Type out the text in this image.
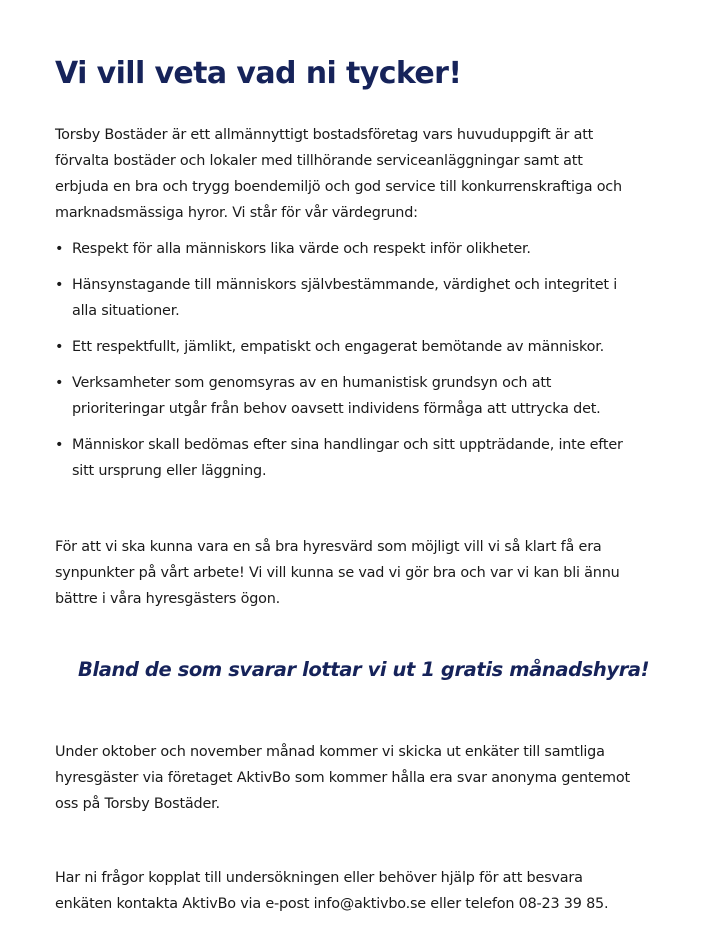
Vi vill veta vad ni tycker!
Torsby Bostäder är ett allmännyttigt bostadsföretag vars huvuduppgift är att
förvalta bostäder och lokaler med tillhörande serviceanläggningar samt att
erbjuda en bra och trygg boendemiljö och god service till konkurrenskraftiga och
marknadsmässiga hyror. Vi står för vår värdegrund:
• Respekt för alla människors lika värde och respekt inför olikheter.
• Hänsynstagande till människors självbestämmande, värdighet och integritet i
alla situationer.
• Ett respektfullt, jämlikt, empatiskt och engagerat bemötande av människor.
• Verksamheter som genomsyras av en humanistisk grundsyn och att
prioriteringar utgår från behov oavsett individens förmåga att uttrycka det.
• Människor skall bedömas efter sina handlingar och sitt uppträdande, inte efter
sitt ursprung eller läggning.
För att vi ska kunna vara en så bra hyresvärd som möjligt vill vi så klart få era
synpunkter på vårt arbete! Vi vill kunna se vad vi gör bra och var vi kan bli ännu
bättre i våra hyresgästers ögon.

Bland de som svarar lottar vi ut 1 gratis månadshyra!

Under oktober och november månad kommer vi skicka ut enkäter till samtliga
hyresgäster via företaget AktivBo som kommer hålla era svar anonyma gentemot
oss på Torsby Bostäder.
Har ni frågor kopplat till undersökningen eller behöver hjälp för att besvara
enkäten kontakta AktivBo via e-post info@aktivbo.se eller telefon 08-23 39 85.
